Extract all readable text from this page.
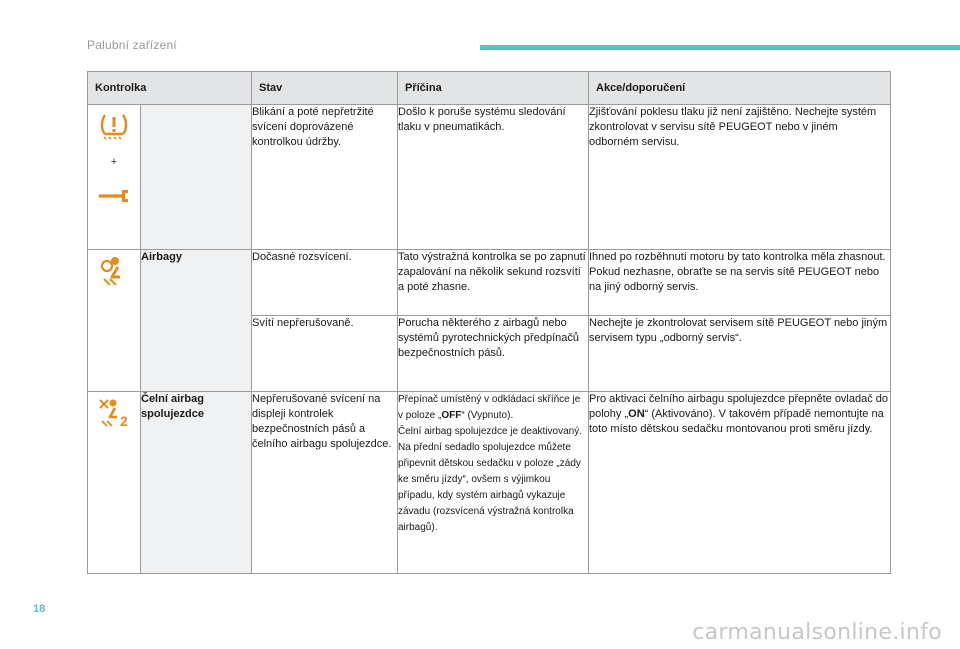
Palubní zařízení
Kontrolka		Stav	Příčina	Akce/doporučení

+		Blikání a poté nepřetržité svícení doprovázené kontrolkou údržby.	Došlo k poruše systému sledování tlaku v pneumatikách.	Zjišťování poklesu tlaku již není zajištěno. Nechejte systém zkontrolovat v servisu sítě PEUGEOT nebo v jiném odborném servisu.

	Airbagy	Dočasné rozsvícení.	Tato výstražná kontrolka se po zapnutí zapalování na několik sekund rozsvítí a poté zhasne.	Ihned po rozběhnutí motoru by tato kontrolka měla zhasnout.
Pokud nezhasne, obraťte se na servis sítě PEUGEOT nebo na jiný odborný servis.

		Svítí nepřerušovaně.	Porucha některého z airbagů nebo systémů pyrotechnických předpínačů bezpečnostních pásů.	Nechejte je zkontrolovat servisem sítě PEUGEOT nebo jiným servisem typu „odborný servis“.

2	Čelní airbag spolujezdce	Nepřerušované svícení na displeji kontrolek bezpečnostních pásů a čelního airbagu spolujezdce.	Přepínač umístěný v odkládací skříňce je v poloze „OFF“ (Vypnuto).
Čelní airbag spolujezdce je deaktivovaný.
Na přední sedadlo spolujezdce můžete připevnit dětskou sedačku v poloze „zády ke směru jízdy“, ovšem s výjimkou případu, kdy systém airbagů vykazuje závadu (rozsvícená výstražná kontrolka airbagů).	Pro aktivaci čelního airbagu spolujezdce přepněte ovladač do polohy „ON“ (Aktivováno). V takovém případě nemontujte na toto místo dětskou sedačku montovanou proti směru jízdy.
18
carmanualsonline.info
